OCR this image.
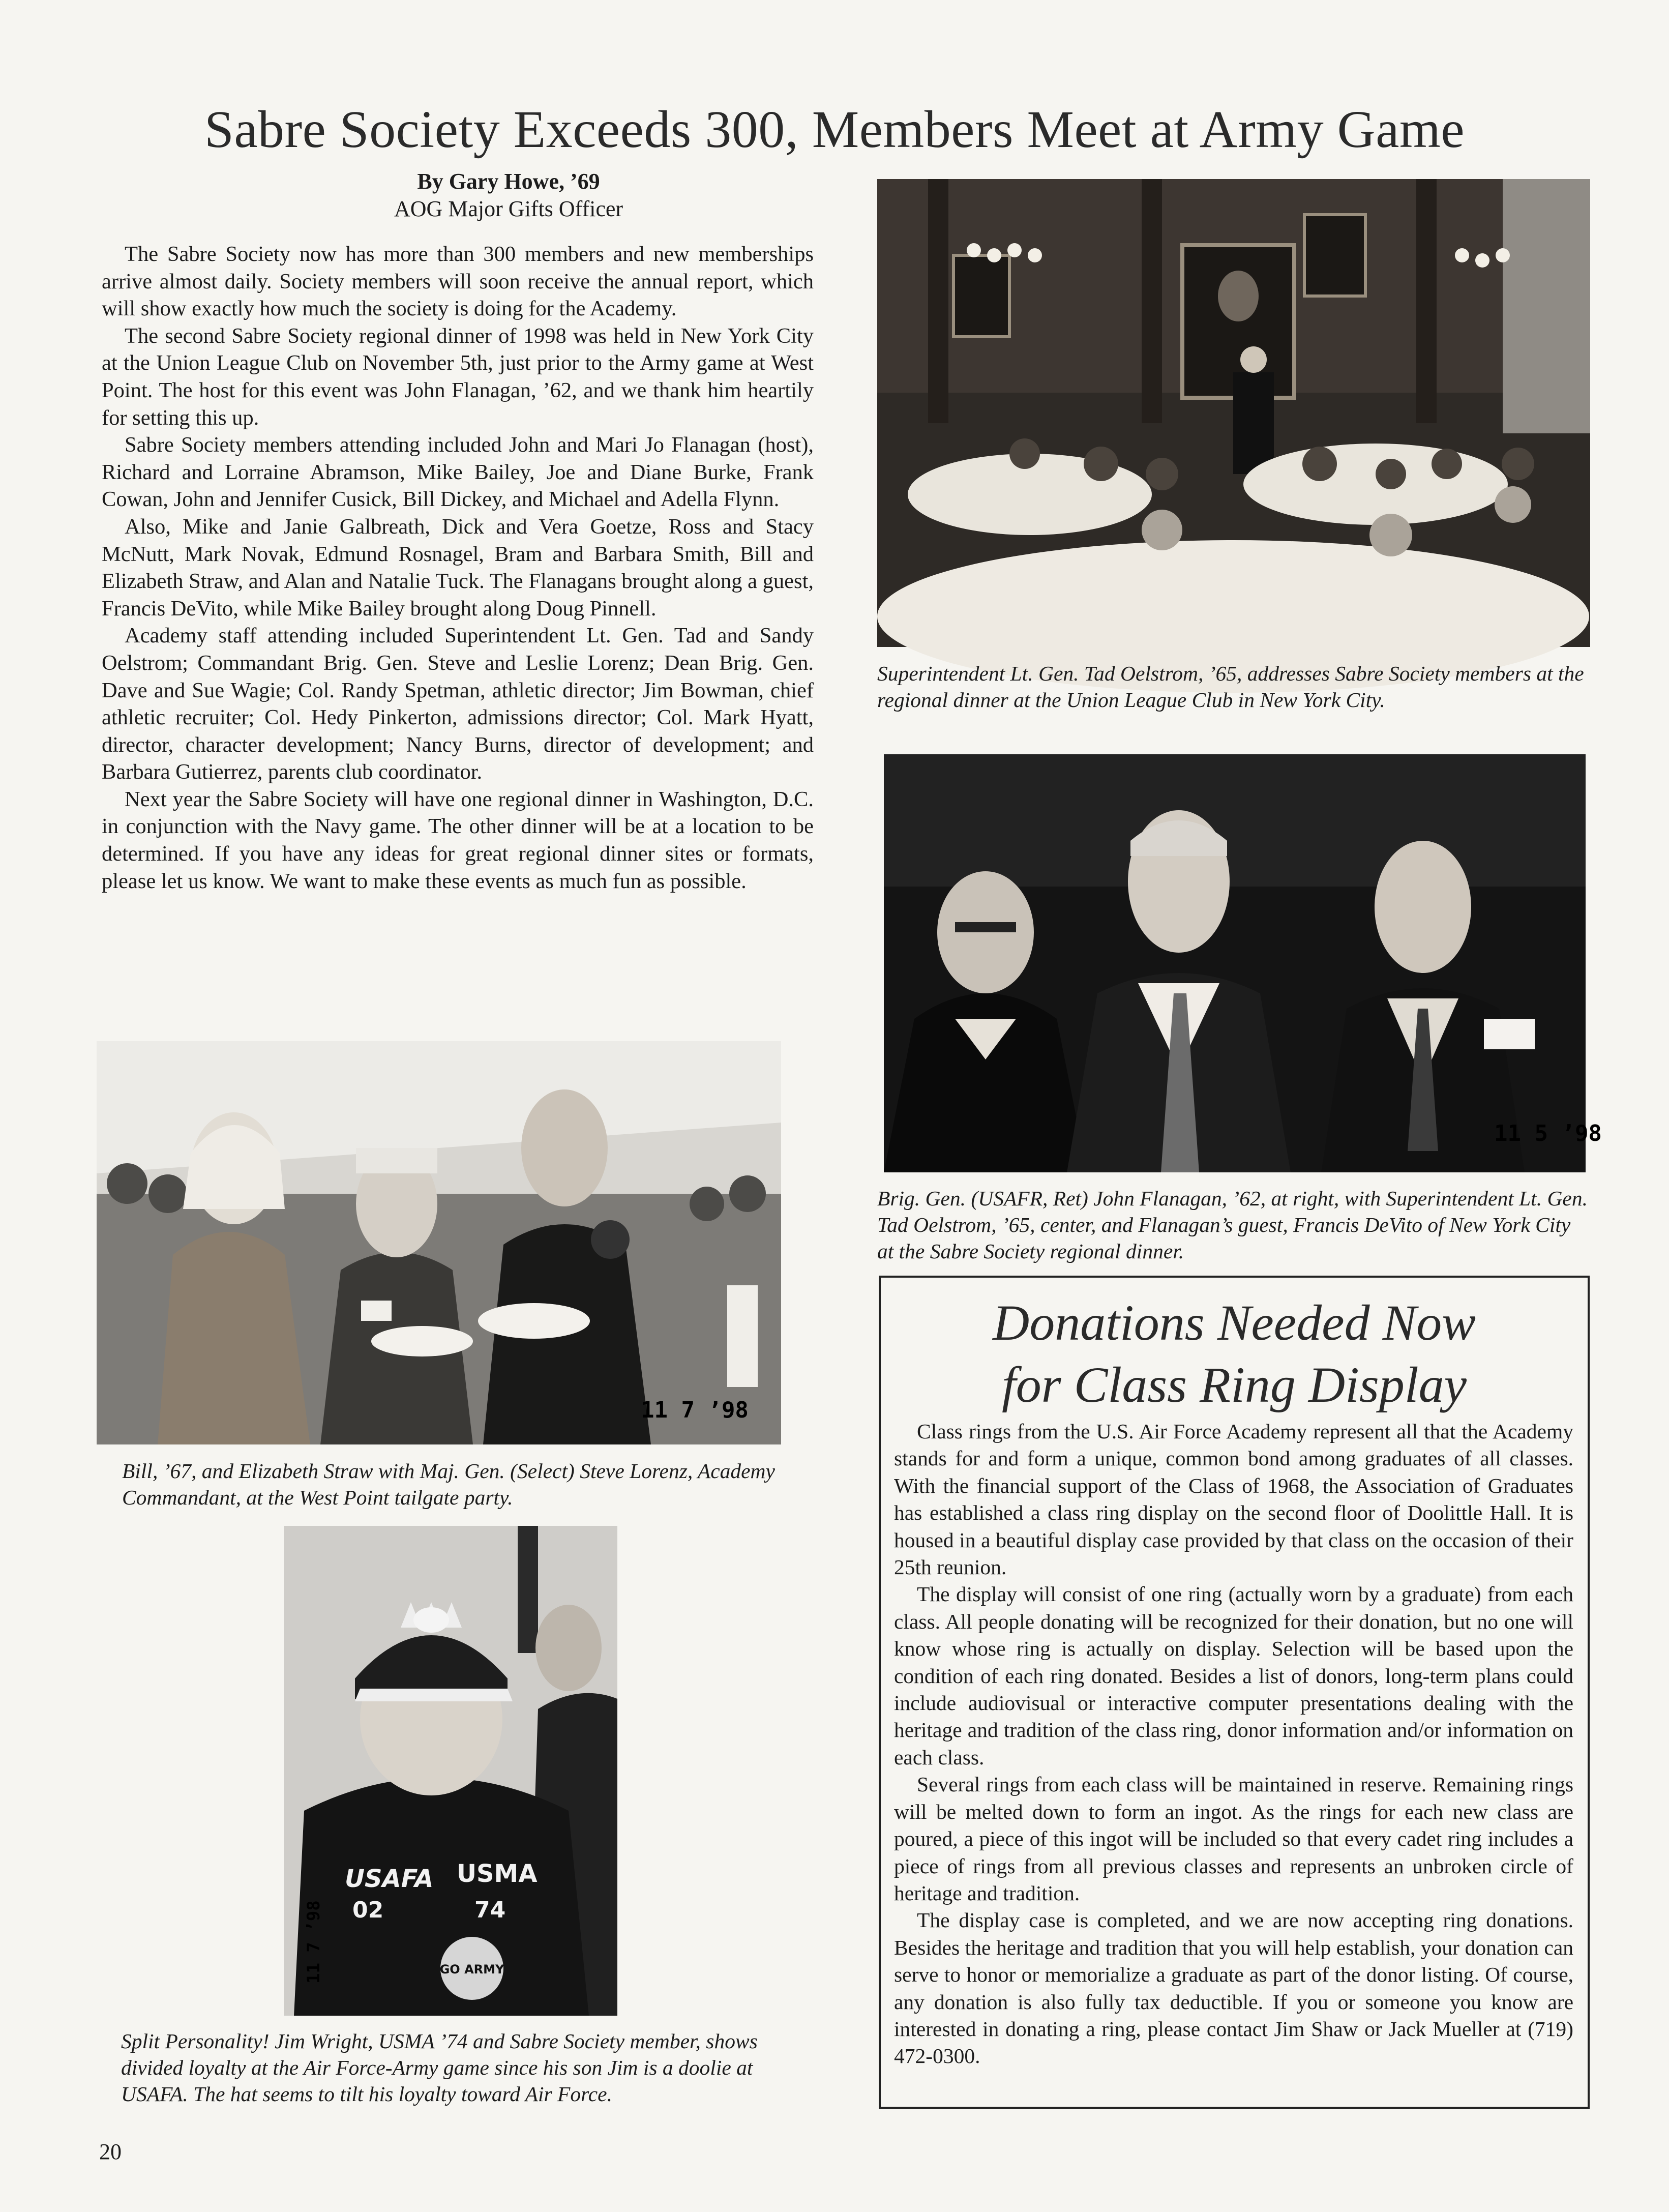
Sabre Society Exceeds 300, Members Meet at Army Game
By Gary Howe, ’69
AOG Major Gifts Officer

The Sabre Society now has more than 300 members and new memberships arrive almost daily. Society members will soon receive the annual report, which will show exactly how much the society is doing for the Academy.

The second Sabre Society regional dinner of 1998 was held in New York City at the Union League Club on November 5th, just prior to the Army game at West Point. The host for this event was John Flanagan, ’62, and we thank him heartily for setting this up.

Sabre Society members attending included John and Mari Jo Flanagan (host), Richard and Lorraine Abramson, Mike Bailey, Joe and Diane Burke, Frank Cowan, John and Jennifer Cusick, Bill Dickey, and Michael and Adella Flynn.

Also, Mike and Janie Galbreath, Dick and Vera Goetze, Ross and Stacy McNutt, Mark Novak, Edmund Rosnagel, Bram and Barbara Smith, Bill and Elizabeth Straw, and Alan and Natalie Tuck. The Flanagans brought along a guest, Francis DeVito, while Mike Bailey brought along Doug Pinnell.

Academy staff attending included Superintendent Lt. Gen. Tad and Sandy Oelstrom; Commandant Brig. Gen. Steve and Leslie Lorenz; Dean Brig. Gen. Dave and Sue Wagie; Col. Randy Spetman, athletic director; Jim Bowman, chief athletic recruiter; Col. Hedy Pinkerton, admissions director; Col. Mark Hyatt, director, character development; Nancy Burns, director of development; and Barbara Gutierrez, parents club coordinator.

Next year the Sabre Society will have one regional dinner in Washington, D.C. in conjunction with the Navy game. The other dinner will be at a location to be determined. If you have any ideas for great regional dinner sites or formats, please let us know. We want to make these events as much fun as possible.

Superintendent Lt. Gen. Tad Oelstrom, ’65, addresses Sabre Society members at the regional dinner at the Union League Club in New York City.
11 5 ’98
Brig. Gen. (USAFR, Ret) John Flanagan, ’62, at right, with Superintendent Lt. Gen. Tad Oelstrom, ’65, center, and Flanagan’s guest, Francis DeVito of New York City at the Sabre Society regional dinner.
11 7 ’98
Bill, ’67, and Elizabeth Straw with Maj. Gen. (Select) Steve Lorenz, Academy Commandant, at the West Point tailgate party.
USAFA
02
USMA
74
GO ARMY
11 7 ’98
Split Personality! Jim Wright, USMA ’74 and Sabre Society member, shows divided loyalty at the Air Force-Army game since his son Jim is a doolie at USAFA. The hat seems to tilt his loyalty toward Air Force.
Donations Needed Now
for Class Ring Display

Class rings from the U.S. Air Force Academy represent all that the Academy stands for and form a unique, common bond among graduates of all classes. With the financial support of the Class of 1968, the Association of Graduates has established a class ring display on the second floor of Doolittle Hall. It is housed in a beautiful display case provided by that class on the occasion of their 25th reunion.

The display will consist of one ring (actually worn by a graduate) from each class. All people donating will be recognized for their donation, but no one will know whose ring is actually on display. Selection will be based upon the condition of each ring donated. Besides a list of donors, long-term plans could include audiovisual or interactive computer presentations dealing with the heritage and tradition of the class ring, donor information and/or information on each class.

Several rings from each class will be maintained in reserve. Remaining rings will be melted down to form an ingot. As the rings for each new class are poured, a piece of this ingot will be included so that every cadet ring includes a piece of rings from all previous classes and represents an unbroken circle of heritage and tradition.

The display case is completed, and we are now accepting ring donations. Besides the heritage and tradition that you will help establish, your donation can serve to honor or memorialize a graduate as part of the donor listing. Of course, any donation is also fully tax deductible. If you or someone you know are interested in donating a ring, please contact Jim Shaw or Jack Mueller at (719) 472-0300.

20
